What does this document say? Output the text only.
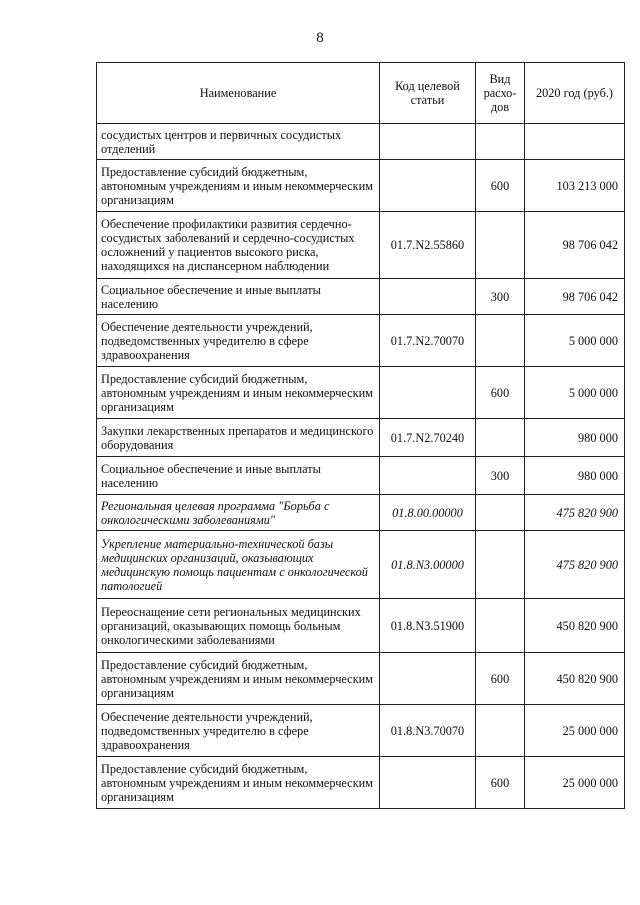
8
Наименование	Код целевой статьи	Вид расхо-дов	2020 год (руб.)
сосудистых центров и первичных сосудистых отделений			
Предоставление субсидий бюджетным, автономным учреждениям и иным некоммерческим организациям		600	103 213 000
Обеспечение профилактики развития сердечно-сосудистых заболеваний и сердечно-сосудистых осложнений у пациентов высокого риска, находящихся на диспансерном наблюдении	01.7.N2.55860		98 706 042
Социальное обеспечение и иные выплаты населению		300	98 706 042
Обеспечение деятельности учреждений, подведомственных учредителю в сфере здравоохранения	01.7.N2.70070		5 000 000
Предоставление субсидий бюджетным, автономным учреждениям и иным некоммерческим организациям		600	5 000 000
Закупки лекарственных препаратов и медицинского оборудования	01.7.N2.70240		980 000
Социальное обеспечение и иные выплаты населению		300	980 000
Региональная целевая программа "Борьба с онкологическими заболеваниями"	01.8.00.00000		475 820 900
Укрепление материально-технической базы медицинских организаций, оказывающих медицинскую помощь пациентам с онкологической патологией	01.8.N3.00000		475 820 900
Переоснащение сети региональных медицинских организаций, оказывающих помощь больным онкологическими заболеваниями	01.8.N3.51900		450 820 900
Предоставление субсидий бюджетным, автономным учреждениям и иным некоммерческим организациям		600	450 820 900
Обеспечение деятельности учреждений, подведомственных учредителю в сфере здравоохранения	01.8.N3.70070		25 000 000
Предоставление субсидий бюджетным, автономным учреждениям и иным некоммерческим организациям		600	25 000 000
